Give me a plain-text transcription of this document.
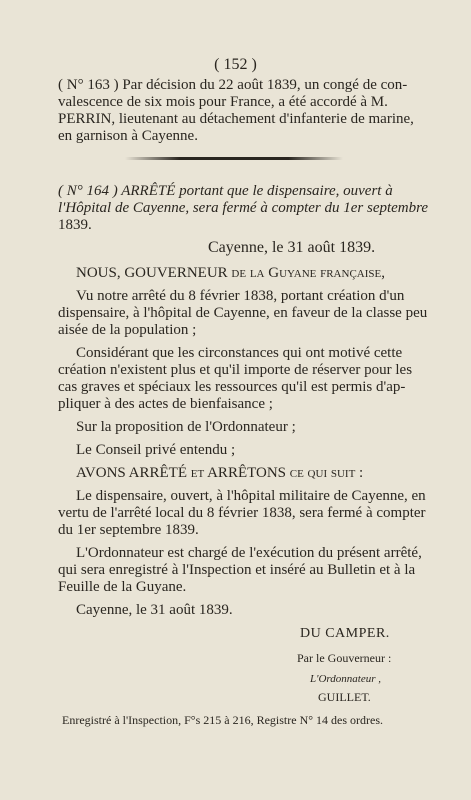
( 152 )
( N° 163 ) Par décision du 22 août 1839, un congé de con-
valescence de six mois pour France, a été accordé à M.
PERRIN, lieutenant au détachement d'infanterie de marine,
en garnison à Cayenne.
( N° 164 ) ARRÊTÉ portant que le dispensaire, ouvert à
l'Hôpital de Cayenne, sera fermé à compter du 1er septembre
1839.
Cayenne, le 31 août 1839.
NOUS, GOUVERNEUR de la Guyane française,
Vu notre arrêté du 8 février 1838, portant création d'un
dispensaire, à l'hôpital de Cayenne, en faveur de la classe peu
aisée de la population ;
Considérant que les circonstances qui ont motivé cette
création n'existent plus et qu'il importe de réserver pour les
cas graves et spéciaux les ressources qu'il est permis d'ap-
pliquer à des actes de bienfaisance ;
Sur la proposition de l'Ordonnateur ;
Le Conseil privé entendu ;
AVONS ARRÊTÉ et ARRÊTONS ce qui suit :
Le dispensaire, ouvert, à l'hôpital militaire de Cayenne, en
vertu de l'arrêté local du 8 février 1838, sera fermé à compter
du 1er septembre 1839.
L'Ordonnateur est chargé de l'exécution du présent arrêté,
qui sera enregistré à l'Inspection et inséré au Bulletin et à la
Feuille de la Guyane.
Cayenne, le 31 août 1839.
DU CAMPER.
Par le Gouverneur :
L'Ordonnateur ,
GUILLET.
Enregistré à l'Inspection, F°s 215 à 216, Registre N° 14 des ordres.
